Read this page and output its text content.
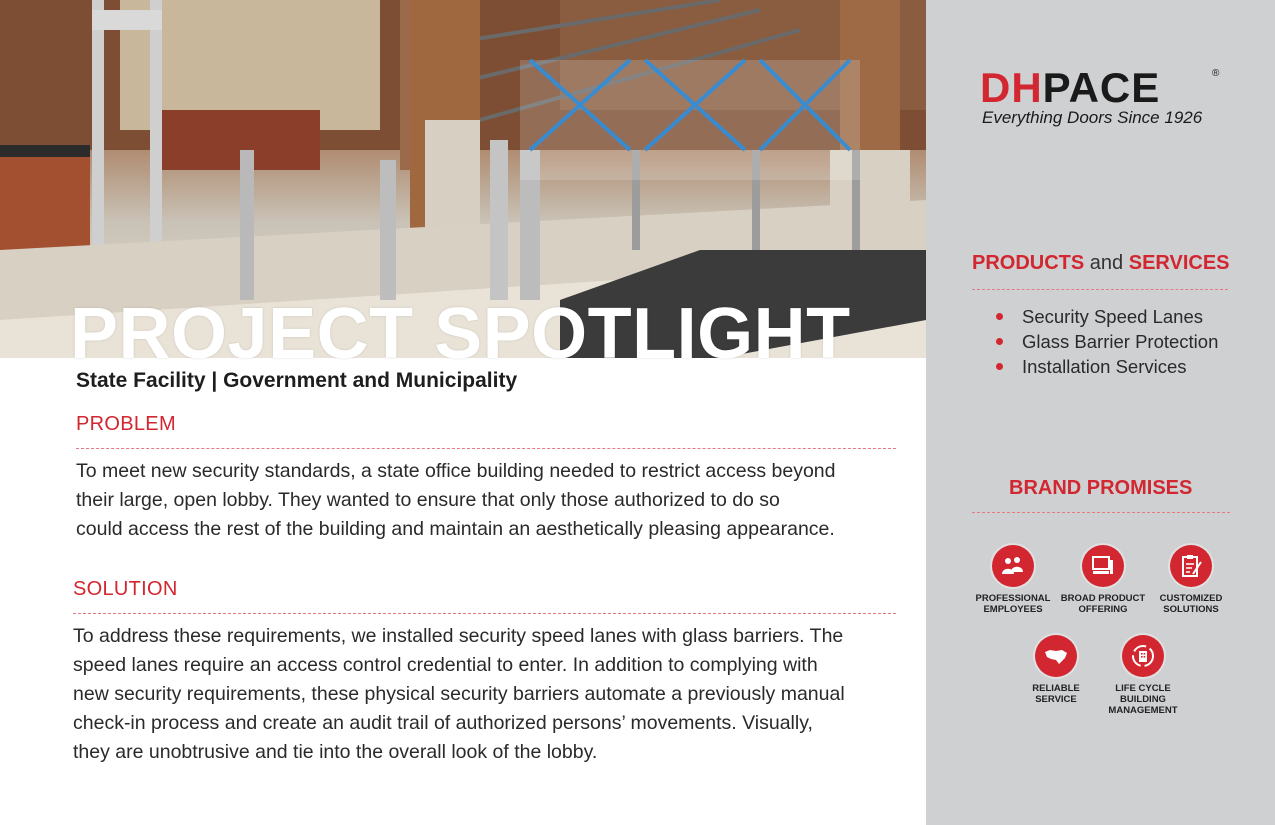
PROJECT SPOTLIGHT

State Facility | Government and Municipality

PROBLEM
To meet new security standards, a state office building needed to restrict access beyond
their large, open lobby. They wanted to ensure that only those authorized to do so
could access the rest of the building and maintain an aesthetically pleasing appearance.
SOLUTION
To address these requirements, we installed security speed lanes with glass barriers. The
speed lanes require an access control credential to enter. In addition to complying with
new security requirements, these physical security barriers automate a previously manual
check-in process and create an audit trail of authorized persons’ movements. Visually,
they are unobtrusive and tie into the overall look of the lobby.
DHPACE	®
Everything Doors Since 1926
PRODUCTS and SERVICES
Security Speed Lanes
Glass Barrier Protection
Installation Services
BRAND PROMISES
PROFESSIONAL
EMPLOYEES
BROAD PRODUCT
OFFERING
CUSTOMIZED
SOLUTIONS
RELIABLE
SERVICE
LIFE CYCLE BUILDING
MANAGEMENT
